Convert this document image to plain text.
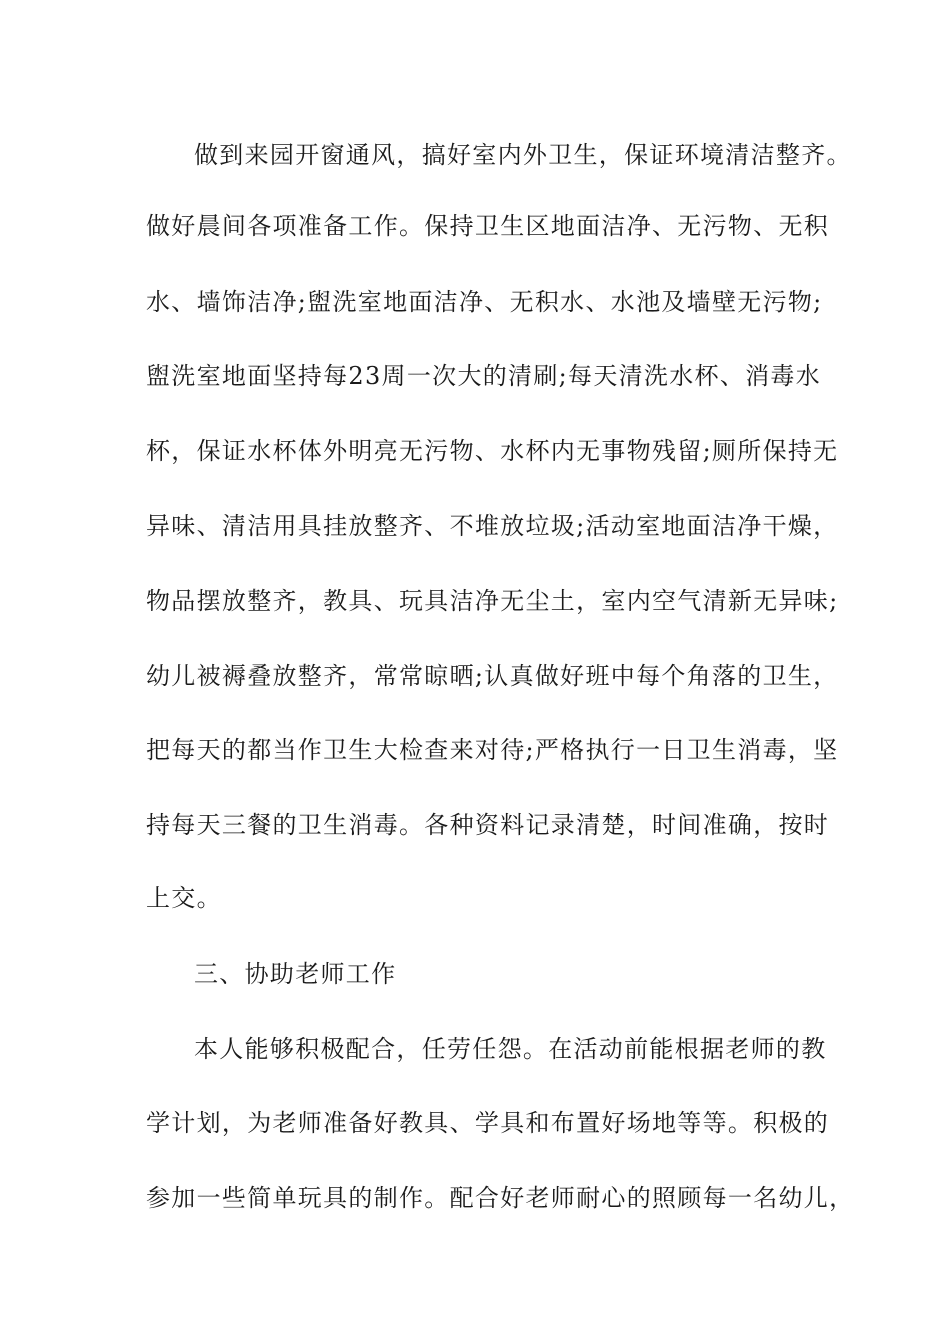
做到来园开窗通风，搞好室内外卫生，保证环境清洁整齐。
做好晨间各项准备工作。保持卫生区地面洁净、无污物、无积
水、墙饰洁净;盥洗室地面洁净、无积水、水池及墙壁无污物;
盥洗室地面坚持每23周一次大的清刷;每天清洗水杯、消毒水
杯，保证水杯体外明亮无污物、水杯内无事物残留;厕所保持无
异味、清洁用具挂放整齐、不堆放垃圾;活动室地面洁净干燥，
物品摆放整齐，教具、玩具洁净无尘土，室内空气清新无异味;
幼儿被褥叠放整齐，常常晾晒;认真做好班中每个角落的卫生，
把每天的都当作卫生大检查来对待;严格执行一日卫生消毒，坚
持每天三餐的卫生消毒。各种资料记录清楚，时间准确，按时
上交。
三、协助老师工作
本人能够积极配合，任劳任怨。在活动前能根据老师的教
学计划，为老师准备好教具、学具和布置好场地等等。积极的
参加一些简单玩具的制作。配合好老师耐心的照顾每一名幼儿，
